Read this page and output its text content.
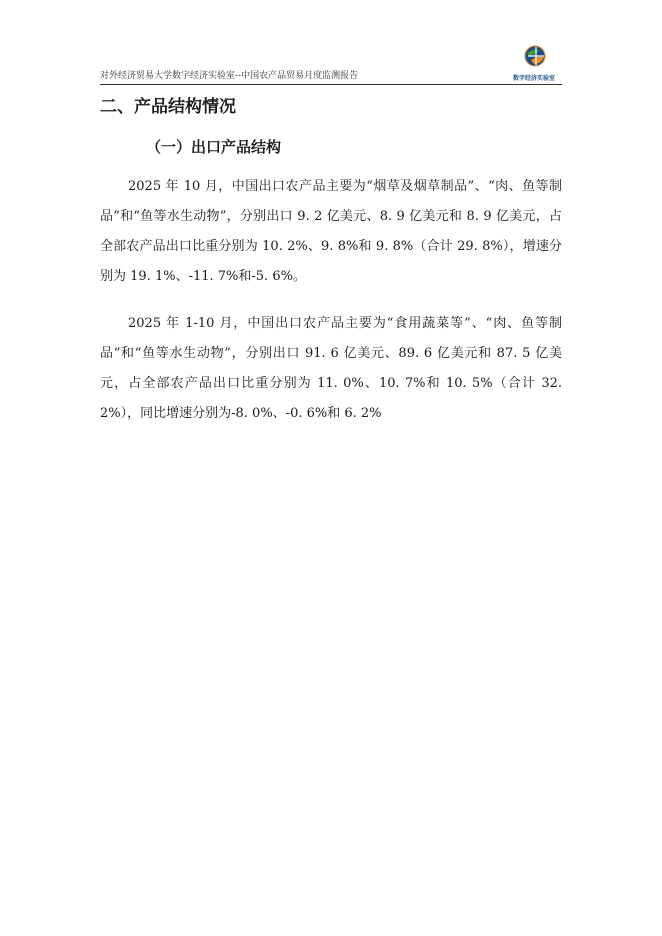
对外经济贸易大学数字经济实验室--中国农产品贸易月度监测报告	数字经济实验室
二、产品结构情况
（一）出口产品结构

2025 年 10 月，中国出口农产品主要为“烟草及烟草制品”、“肉、鱼等制品”和“鱼等水生动物”，分别出口 9. 2 亿美元、8. 9 亿美元和 8. 9 亿美元，占全部农产品出口比重分别为 10. 2%、9. 8%和 9. 8%（合计 29. 8%），增速分别为 19. 1%、-11. 7%和-5. 6%。

2025 年 1-10 月，中国出口农产品主要为“食用蔬菜等”、“肉、鱼等制品”和“鱼等水生动物”，分别出口 91. 6 亿美元、89. 6 亿美元和 87. 5 亿美元，占全部农产品出口比重分别为 11. 0%、10. 7%和 10. 5%（合计 32. 2%），同比增速分别为-8. 0%、-0. 6%和 6. 2%
